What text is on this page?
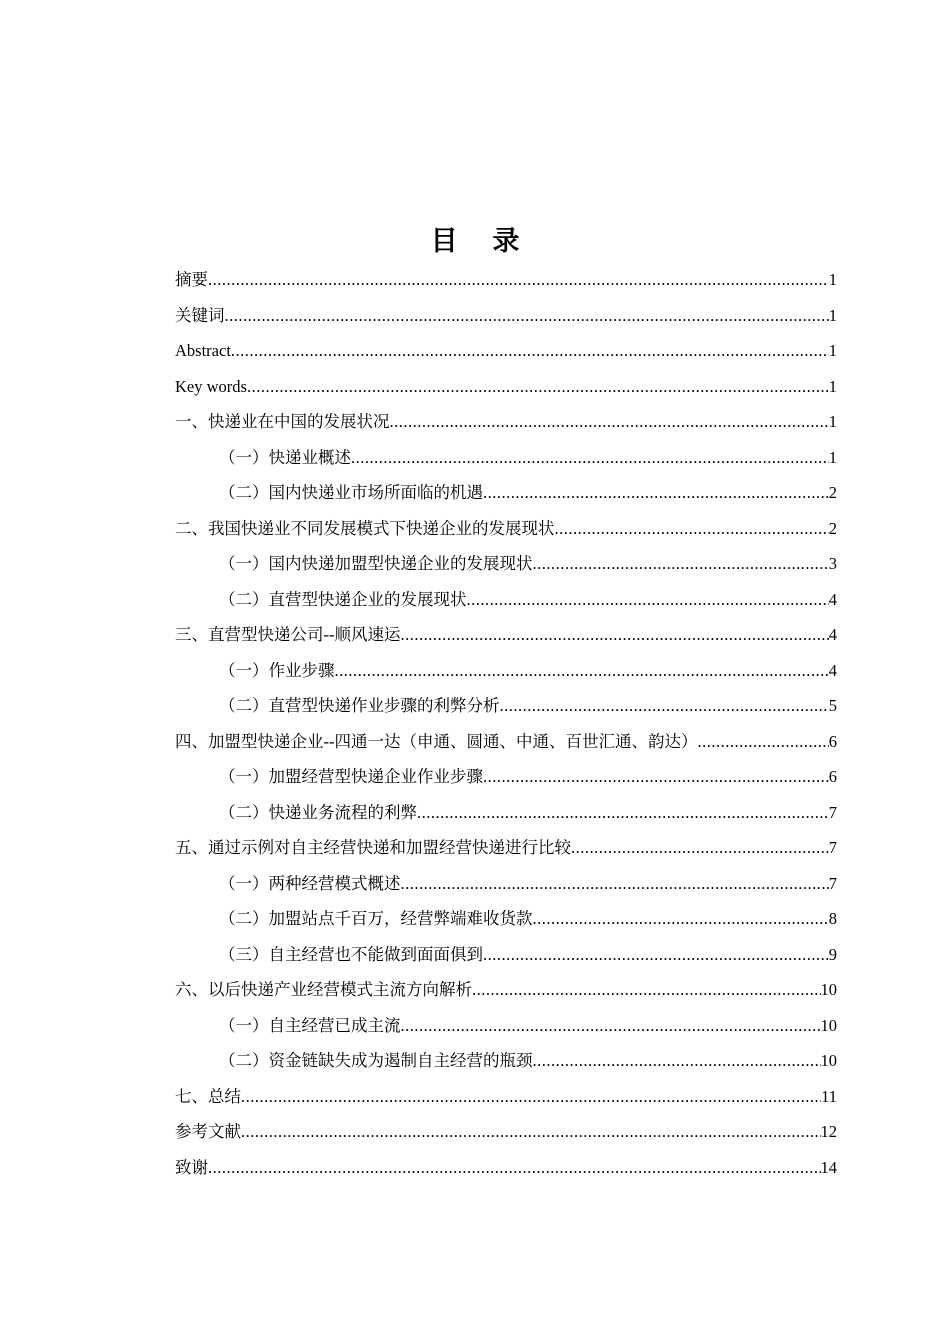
目 录
摘要 .....	1
关键词 .....	1
Abstract .....	1
Key words .....	1
一、快递业在中国的发展状况 .....	1
（一）快递业概述 .....	1
（二）国内快递业市场所面临的机遇 .....	2
二、我国快递业不同发展模式下快递企业的发展现状 .....	2
（一）国内快递加盟型快递企业的发展现状 .....	3
（二）直营型快递企业的发展现状 .....	4
三、直营型快递公司--顺风速运 .....	4
（一）作业步骤 .....	4
（二）直营型快递作业步骤的利弊分析 .....	5
四、加盟型快递企业--四通一达（申通、圆通、中通、百世汇通、韵达） .....	6
（一）加盟经营型快递企业作业步骤 .....	6
（二）快递业务流程的利弊 .....	7
五、通过示例对自主经营快递和加盟经营快递进行比较 .....	7
（一）两种经营模式概述 .....	7
（二）加盟站点千百万，经营弊端难收货款 .....	8
（三）自主经营也不能做到面面俱到 .....	9
六、以后快递产业经营模式主流方向解析 .....	10
（一）自主经营已成主流 .....	10
（二）资金链缺失成为遏制自主经营的瓶颈 .....	10
七、总结 .....	11
参考文献 .....	12
致谢 .....	14
